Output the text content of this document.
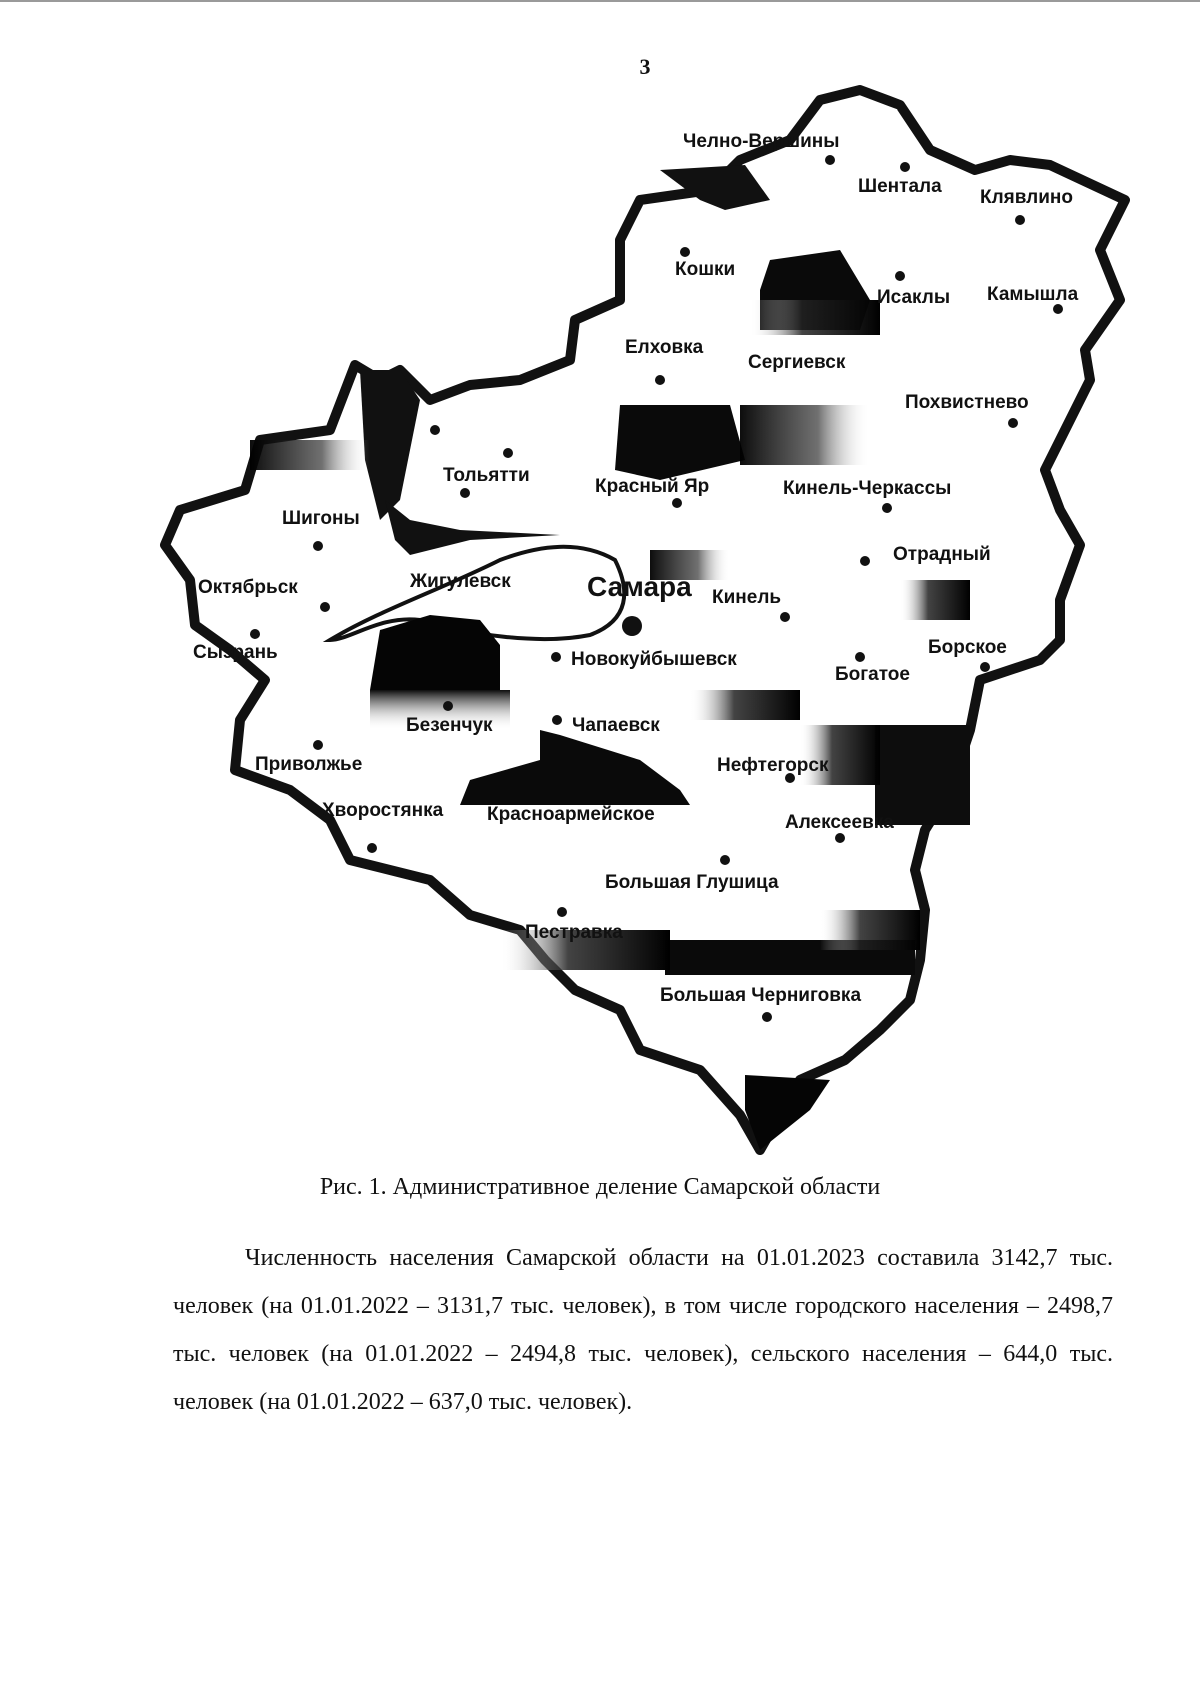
3
Челно-Вершины
Шентала
Клявлино
Кошки
Исаклы Камышла
Елховка
Сергиевск
Похвистнево
Тольятти
Красный Яр	Кинель-Черкассы
Шигоны
Отрадный
Октябрьск	Жигулевск	Самара Кинель
Сызрань	Новокуйбышевск
Борское
Богатое
Безенчук	Чапаевск
Приволжье	Нефтегорск
Хворостянка Красноармейское	Алексеевка
Большая Глушица
Пестравка
Большая Черниговка
Рис. 1. Административное деление Самарской области

Численность населения Самарской области на 01.01.2023 составила 3142,7 тыс. человек (на 01.01.2022 – 3131,7 тыс. человек), в том числе городского населения – 2498,7 тыс. человек (на 01.01.2022 – 2494,8 тыс. человек), сельского населения – 644,0 тыс. человек (на 01.01.2022 – 637,0 тыс. человек).
